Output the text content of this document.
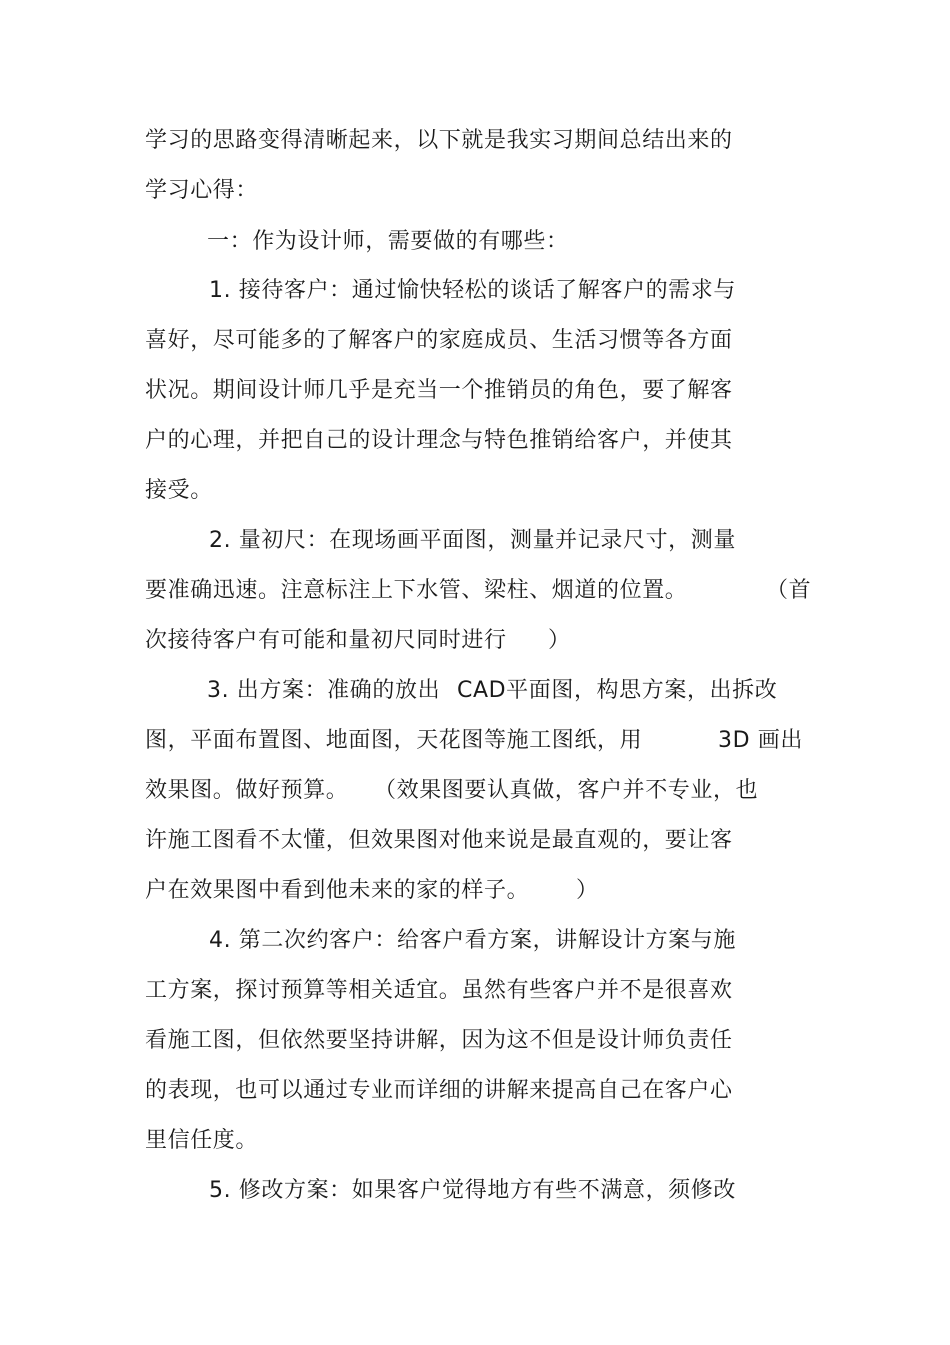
学习的思路变得清晰起来，以下就是我实习期间总结出来的
学习心得：
一：作为设计师，需要做的有哪些：
1. 接待客户：通过愉快轻松的谈话了解客户的需求与
喜好，尽可能多的了解客户的家庭成员、生活习惯等各方面
状况。期间设计师几乎是充当一个推销员的角色，要了解客
户的心理，并把自己的设计理念与特色推销给客户，并使其
接受。
2. 量初尺：在现场画平面图，测量并记录尺寸，测量
要准确迅速。注意标注上下水管、梁柱、烟道的位置。	（首
次接待客户有可能和量初尺同时进行 ）
3. 出方案：准确的放出 CAD平面图，构思方案，出拆改
图，平面布置图、地面图，天花图等施工图纸，用	3D 画出
效果图。做好预算。 （效果图要认真做，客户并不专业，也
许施工图看不太懂，但效果图对他来说是最直观的，要让客
户在效果图中看到他未来的家的样子。 ）
4. 第二次约客户：给客户看方案，讲解设计方案与施
工方案，探讨预算等相关适宜。虽然有些客户并不是很喜欢
看施工图，但依然要坚持讲解，因为这不但是设计师负责任
的表现，也可以通过专业而详细的讲解来提高自己在客户心
里信任度。
5. 修改方案：如果客户觉得地方有些不满意，须修改
